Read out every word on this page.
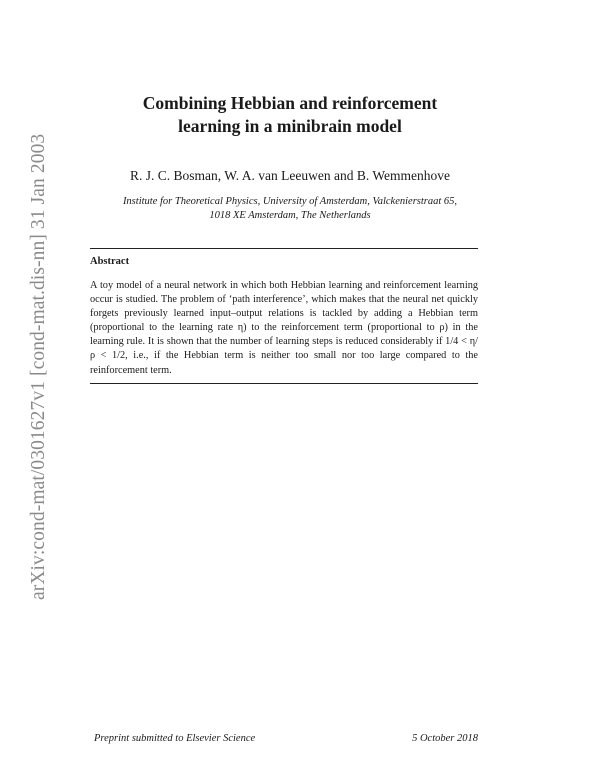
arXiv:cond-mat/0301627v1 [cond-mat.dis-nn] 31 Jan 2003
Combining Hebbian and reinforcement
learning in a minibrain model

R. J. C. Bosman, W. A. van Leeuwen and B. Wemmenhove

Institute for Theoretical Physics, University of Amsterdam, Valckenierstraat 65,
1018 XE Amsterdam, The Netherlands

Abstract

A toy model of a neural network in which both Hebbian learning and reinforcement learning occur is studied. The problem of ‘path interference’, which makes that the neural net quickly forgets previously learned input–output relations is tackled by adding a Hebbian term (proportional to the learning rate η) to the reinforcement term (proportional to ρ) in the learning rule. It is shown that the number of learning steps is reduced considerably if 1/4 < η/ρ < 1/2, i.e., if the Hebbian term is neither too small nor too large compared to the reinforcement term.

Preprint submitted to Elsevier Science	5 October 2018
